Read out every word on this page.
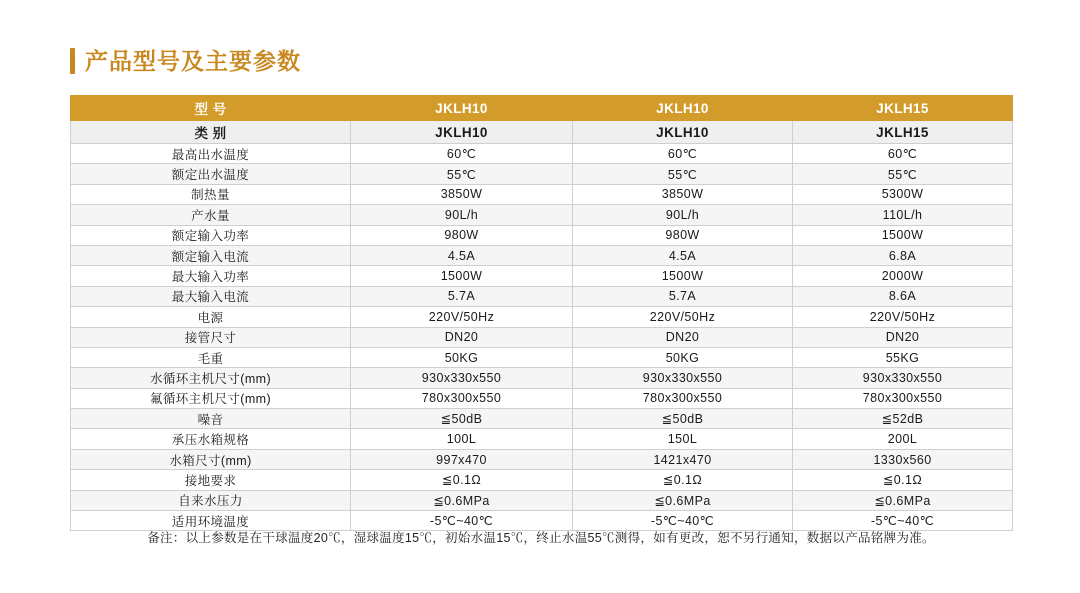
产品型号及主要参数
型 号	JKLH10	JKLH10	JKLH15
类 别	JKLH10	JKLH10	JKLH15
最高出水温度	60℃	60℃	60℃
额定出水温度	55℃	55℃	55℃
制热量	3850W	3850W	5300W
产水量	90L/h	90L/h	110L/h
额定输入功率	980W	980W	1500W
额定输入电流	4.5A	4.5A	6.8A
最大输入功率	1500W	1500W	2000W
最大输入电流	5.7A	5.7A	8.6A
电源	220V/50Hz	220V/50Hz	220V/50Hz
接管尺寸	DN20	DN20	DN20
毛重	50KG	50KG	55KG
水循环主机尺寸(mm)	930x330x550	930x330x550	930x330x550
氟循环主机尺寸(mm)	780x300x550	780x300x550	780x300x550
噪音	≦50dB	≦50dB	≦52dB
承压水箱规格	100L	150L	200L
水箱尺寸(mm)	997x470	1421x470	1330x560
接地要求	≦0.1Ω	≦0.1Ω	≦0.1Ω
自来水压力	≦0.6MPa	≦0.6MPa	≦0.6MPa
适用环境温度	-5℃~40℃	-5℃~40℃	-5℃~40℃
备注：以上参数是在干球温度20℃，湿球温度15℃，初始水温15℃，终止水温55℃测得，如有更改，恕不另行通知，数据以产品铭牌为准。
